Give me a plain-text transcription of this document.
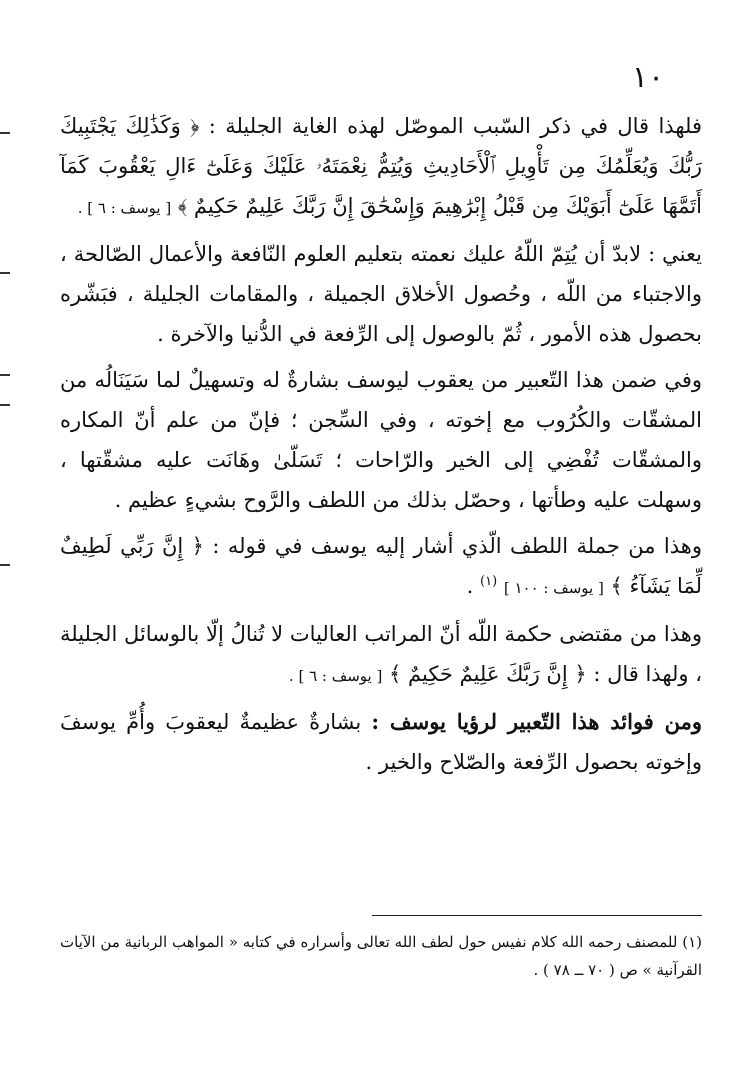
١٠

فلهذا قال في ذكر السّبب الموصّل لهذه الغاية الجليلة : ﴿ وَكَذَٰلِكَ يَجْتَبِيكَ رَبُّكَ وَيُعَلِّمُكَ مِن تَأْوِيلِ ٱلْأَحَادِيثِ وَيُتِمُّ نِعْمَتَهُۥ عَلَيْكَ وَعَلَىٰٓ ءَالِ يَعْقُوبَ كَمَآ أَتَمَّهَا عَلَىٰٓ أَبَوَيْكَ مِن قَبْلُ إِبْرَٰهِيمَ وَإِسْحَٰقَ إِنَّ رَبَّكَ عَلِيمٌ حَكِيمٌ ﴾ [ يوسف : ٦ ] .

يعني : لابدّ أن يُتِمّ اللّهُ عليك نعمته بتعليم العلوم النّافعة والأعمال الصّالحة ، والاجتباء من اللّه ، وحُصول الأخلاق الجميلة ، والمقامات الجليلة ، فبَشّره بحصول هذه الأمور ، ثُمّ بالوصول إلى الرِّفعة في الدُّنيا والآخرة .

وفي ضمن هذا التّعبير من يعقوب ليوسف بشارةٌ له وتسهيلٌ لما سَيَنَالُه من المشقّات والكُرُوب مع إخوته ، وفي السِّجن ؛ فإنّ من علم أنّ المكاره والمشقّات تُفْضِي إلى الخير والرّاحات ؛ تَسَلّىٰ وهَانَت عليه مشقّتها ، وسهلت عليه وطأتها ، وحصّل بذلك من اللطف والرَّوح بشيءٍ عظيم .

وهذا من جملة اللطف الّذي أشار إليه يوسف في قوله : ﴿ إِنَّ رَبِّي لَطِيفٌ لِّمَا يَشَآءُ ﴾ [ يوسف : ١٠٠ ] $^{(١)}$ .

وهذا من مقتضى حكمة اللّه أنّ المراتب العاليات لا تُنالُ إلّا بالوسائل الجليلة ، ولهذا قال : ﴿ إِنَّ رَبَّكَ عَلِيمٌ حَكِيمٌ ﴾ [ يوسف : ٦ ] .

ومن فوائد هذا التّعبير لرؤيا يوسف : بشارةٌ عظيمةٌ ليعقوبَ وأُمِّ يوسفَ وإخوته بحصول الرِّفعة والصّلاح والخير .

(١) للمصنف رحمه الله كلام نفيس حول لطف الله تعالى وأسراره في كتابه « المواهب الربانية من الآيات القرآنية » ص ( ٧٠ ــ ٧٨ ) .
